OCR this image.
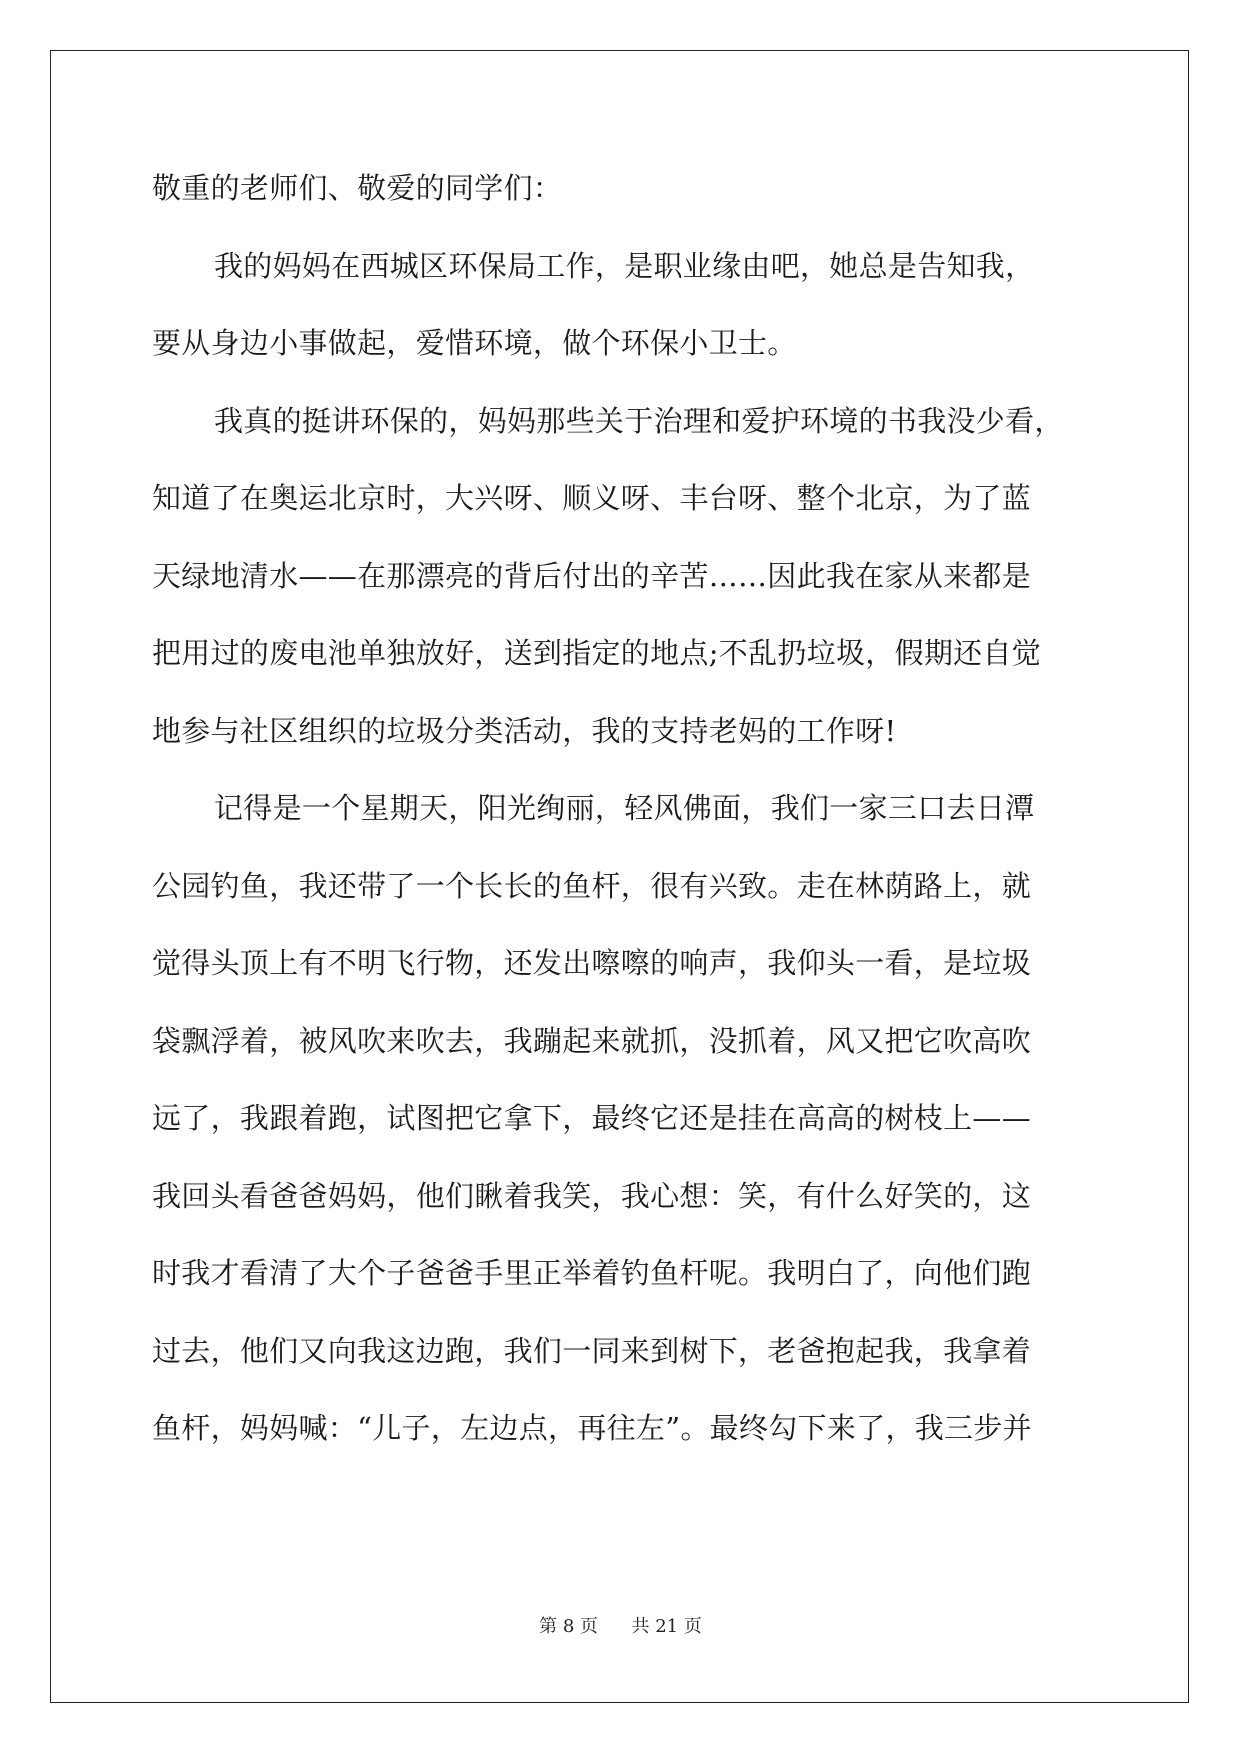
敬重的老师们、敬爱的同学们：
我的妈妈在西城区环保局工作，是职业缘由吧，她总是告知我，
要从身边小事做起，爱惜环境，做个环保小卫士。
我真的挺讲环保的，妈妈那些关于治理和爱护环境的书我没少看，
知道了在奥运北京时，大兴呀、顺义呀、丰台呀、整个北京，为了蓝
天绿地清水——在那漂亮的背后付出的辛苦……因此我在家从来都是
把用过的废电池单独放好，送到指定的地点;不乱扔垃圾，假期还自觉
地参与社区组织的垃圾分类活动，我的支持老妈的工作呀!
记得是一个星期天，阳光绚丽，轻风佛面，我们一家三口去日潭
公园钓鱼，我还带了一个长长的鱼杆，很有兴致。走在林荫路上，就
觉得头顶上有不明飞行物，还发出嚓嚓的响声，我仰头一看，是垃圾
袋飘浮着，被风吹来吹去，我蹦起来就抓，没抓着，风又把它吹高吹
远了，我跟着跑，试图把它拿下，最终它还是挂在高高的树枝上——
我回头看爸爸妈妈，他们瞅着我笑，我心想：笑，有什么好笑的，这
时我才看清了大个子爸爸手里正举着钓鱼杆呢。我明白了，向他们跑
过去，他们又向我这边跑，我们一同来到树下，老爸抱起我，我拿着
鱼杆，妈妈喊：“儿子，左边点，再往左”。最终勾下来了，我三步并
第 8 页 共 21 页
